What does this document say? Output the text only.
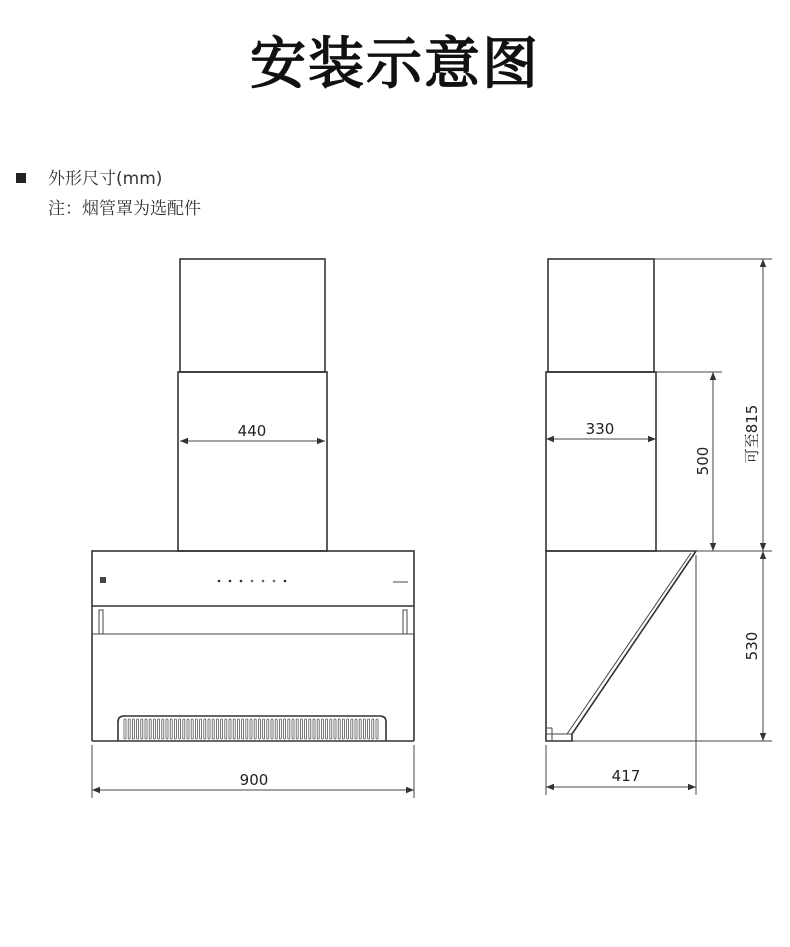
安装示意图
外形尺寸(mm)
注：烟管罩为选配件
440
900
330
500 可至815
530
417
